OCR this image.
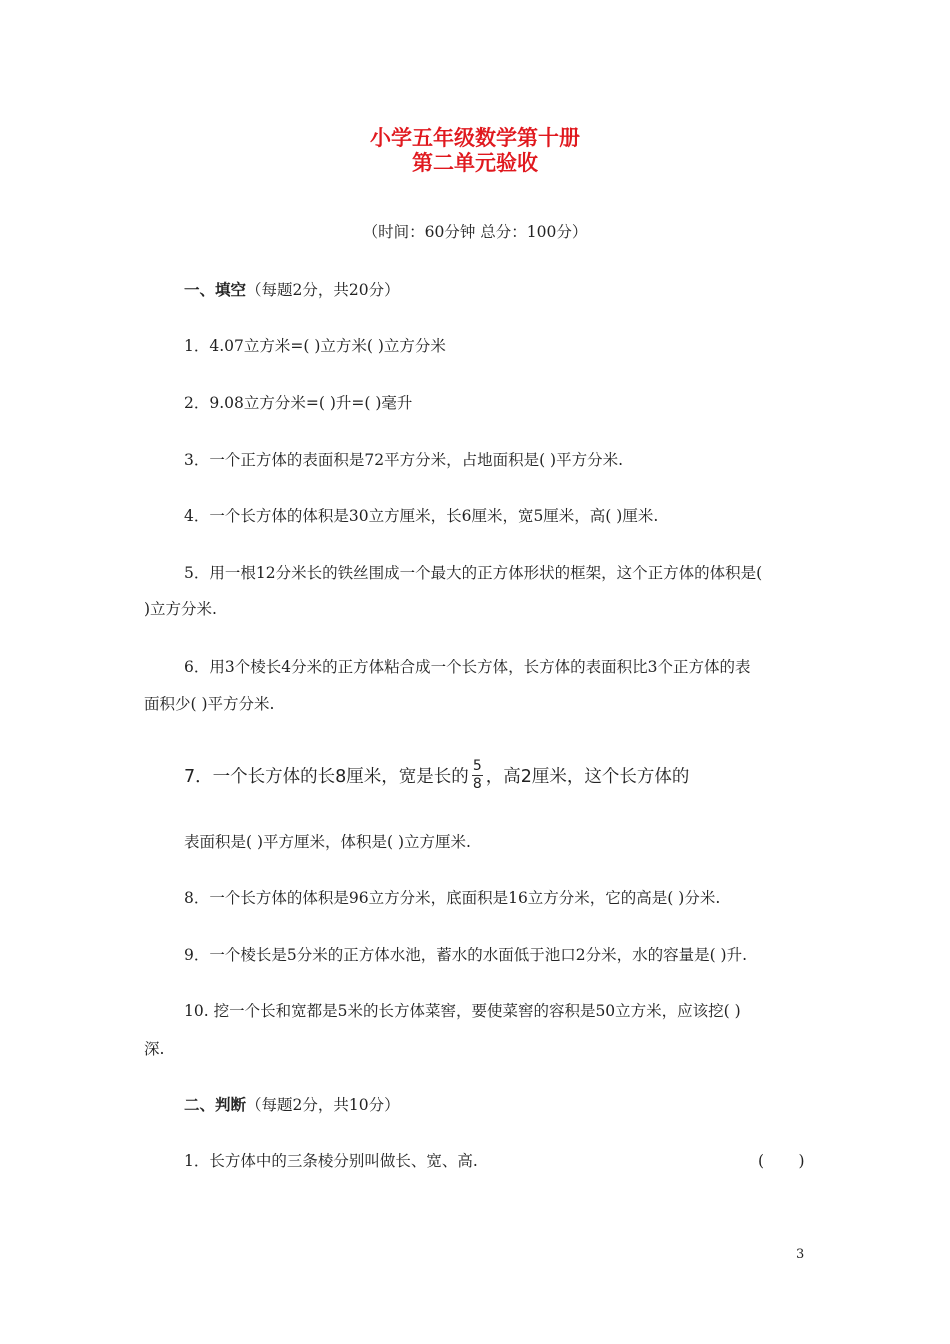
小学五年级数学第十册
第二单元验收
（时间：60分钟 总分：100分）
一、填空（每题2分，共20分）
1．4.07立方米=( )立方米( )立方分米
2．9.08立方分米=( )升=( )毫升
3．一个正方体的表面积是72平方分米，占地面积是( )平方分米.
4．一个长方体的体积是30立方厘米，长6厘米，宽5厘米，高( )厘米.
5．用一根12分米长的铁丝围成一个最大的正方体形状的框架，这个正方体的体积是(
)立方分米.
6．用3个棱长4分米的正方体粘合成一个长方体，长方体的表面积比3个正方体的表
面积少( )平方分米.
7．一个长方体的长8厘米，宽是长的 $\frac{5}{8}$ ，高2厘米，这个长方体的
表面积是( )平方厘米，体积是( )立方厘米.
8．一个长方体的体积是96立方分米，底面积是16立方分米，它的高是( )分米.
9．一个棱长是5分米的正方体水池，蓄水的水面低于池口2分米，水的容量是( )升.
10. 挖一个长和宽都是5米的长方体菜窖，要使菜窖的容积是50立方米，应该挖( )
深.
二、判断（每题2分，共10分）
1．长方体中的三条棱分别叫做长、宽、高.	(       )
3
